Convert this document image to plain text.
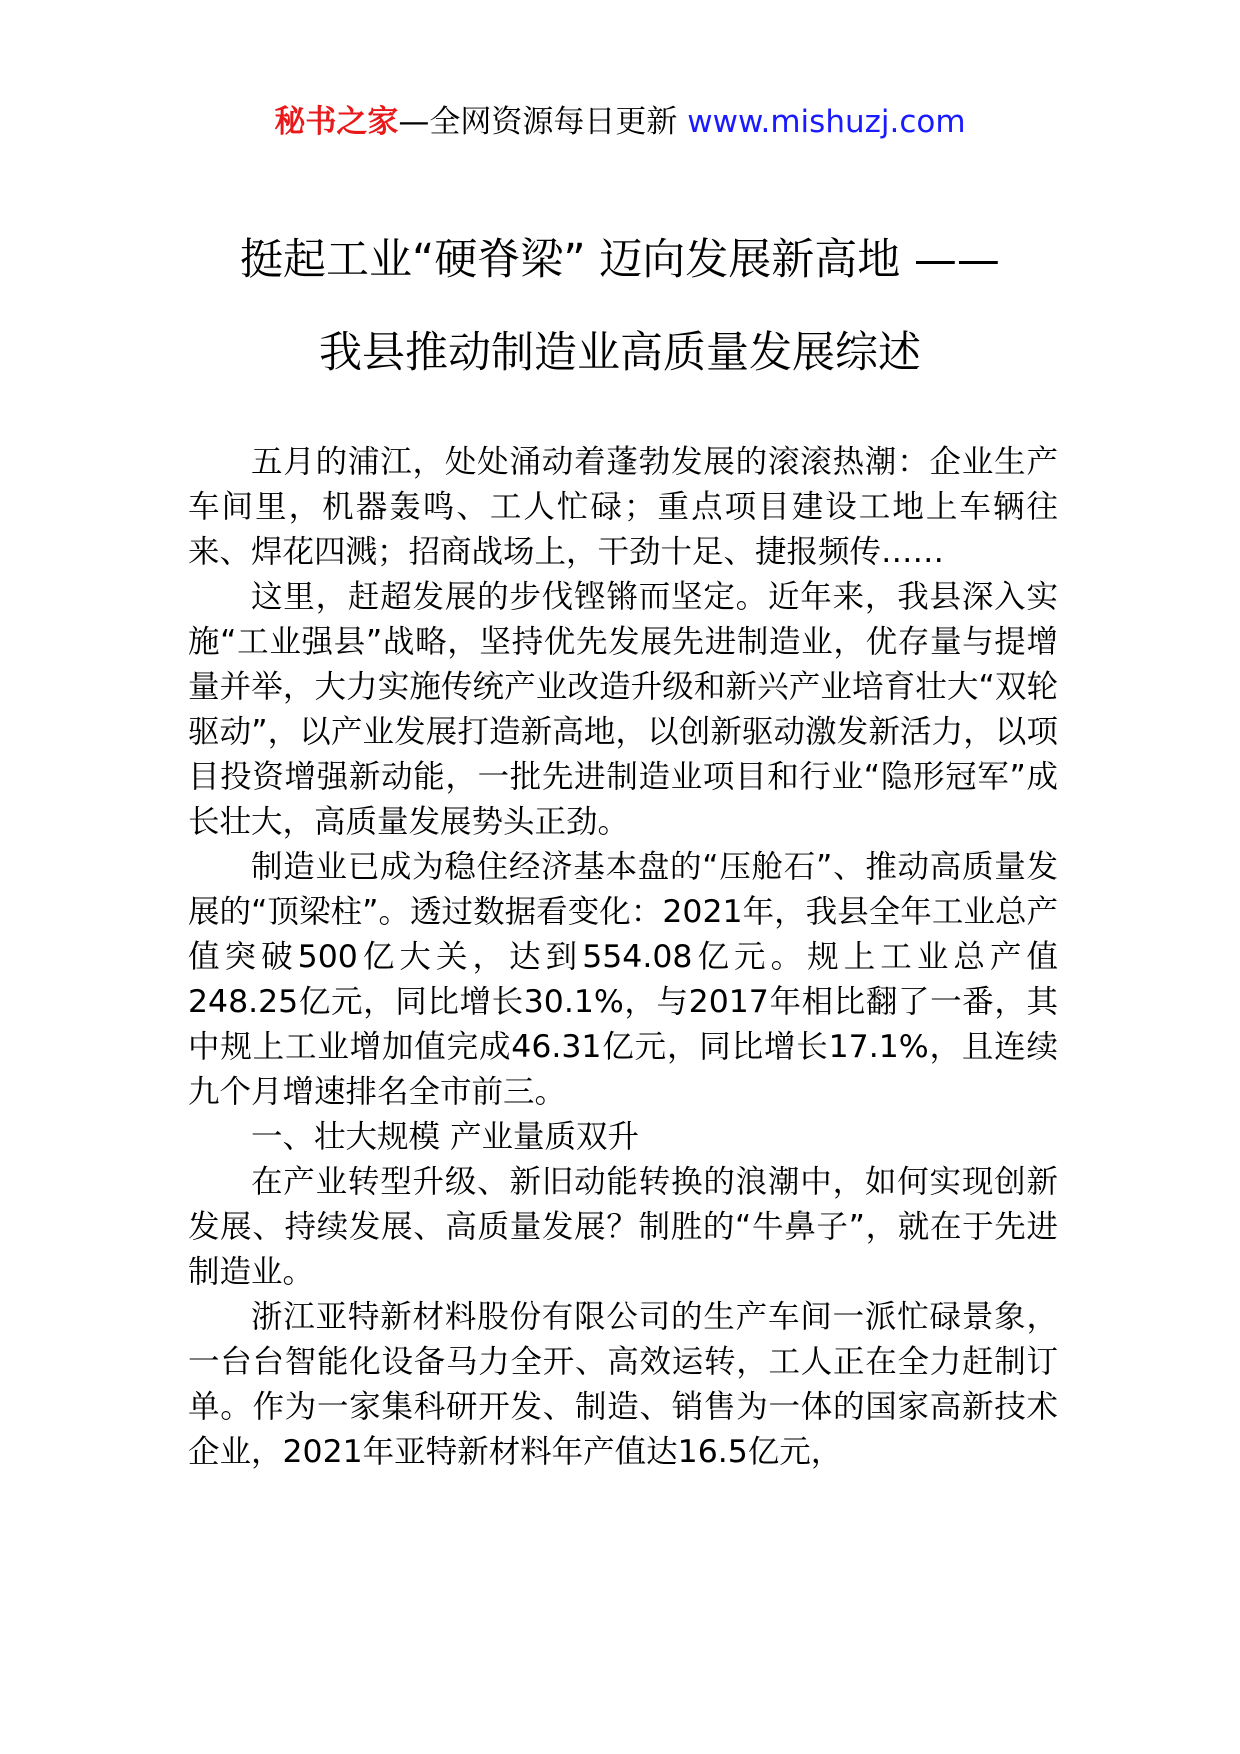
秘书之家—全网资源每日更新 www.mishuzj.com
挺起工业“硬脊梁” 迈向发展新高地 ——
我县推动制造业高质量发展综述

五月的浦江，处处涌动着蓬勃发展的滚滚热潮：企业生产车间里，机器轰鸣、工人忙碌；重点项目建设工地上车辆往来、焊花四溅；招商战场上，干劲十足、捷报频传……

这里，赶超发展的步伐铿锵而坚定。近年来，我县深入实施“工业强县”战略，坚持优先发展先进制造业，优存量与提增量并举，大力实施传统产业改造升级和新兴产业培育壮大“双轮驱动”，以产业发展打造新高地，以创新驱动激发新活力，以项目投资增强新动能，一批先进制造业项目和行业“隐形冠军”成长壮大，高质量发展势头正劲。

制造业已成为稳住经济基本盘的“压舱石”、推动高质量发展的“顶梁柱”。透过数据看变化：2021年，我县全年工业总产值突破500亿大关，达到554.08亿元。规上工业总产值248.25亿元，同比增长30.1%，与2017年相比翻了一番，其中规上工业增加值完成46.31亿元，同比增长17.1%，且连续九个月增速排名全市前三。

一、壮大规模 产业量质双升

在产业转型升级、新旧动能转换的浪潮中，如何实现创新发展、持续发展、高质量发展？制胜的“牛鼻子”，就在于先进制造业。

浙江亚特新材料股份有限公司的生产车间一派忙碌景象，一台台智能化设备马力全开、高效运转，工人正在全力赶制订单。作为一家集科研开发、制造、销售为一体的国家高新技术企业，2021年亚特新材料年产值达16.5亿元，
